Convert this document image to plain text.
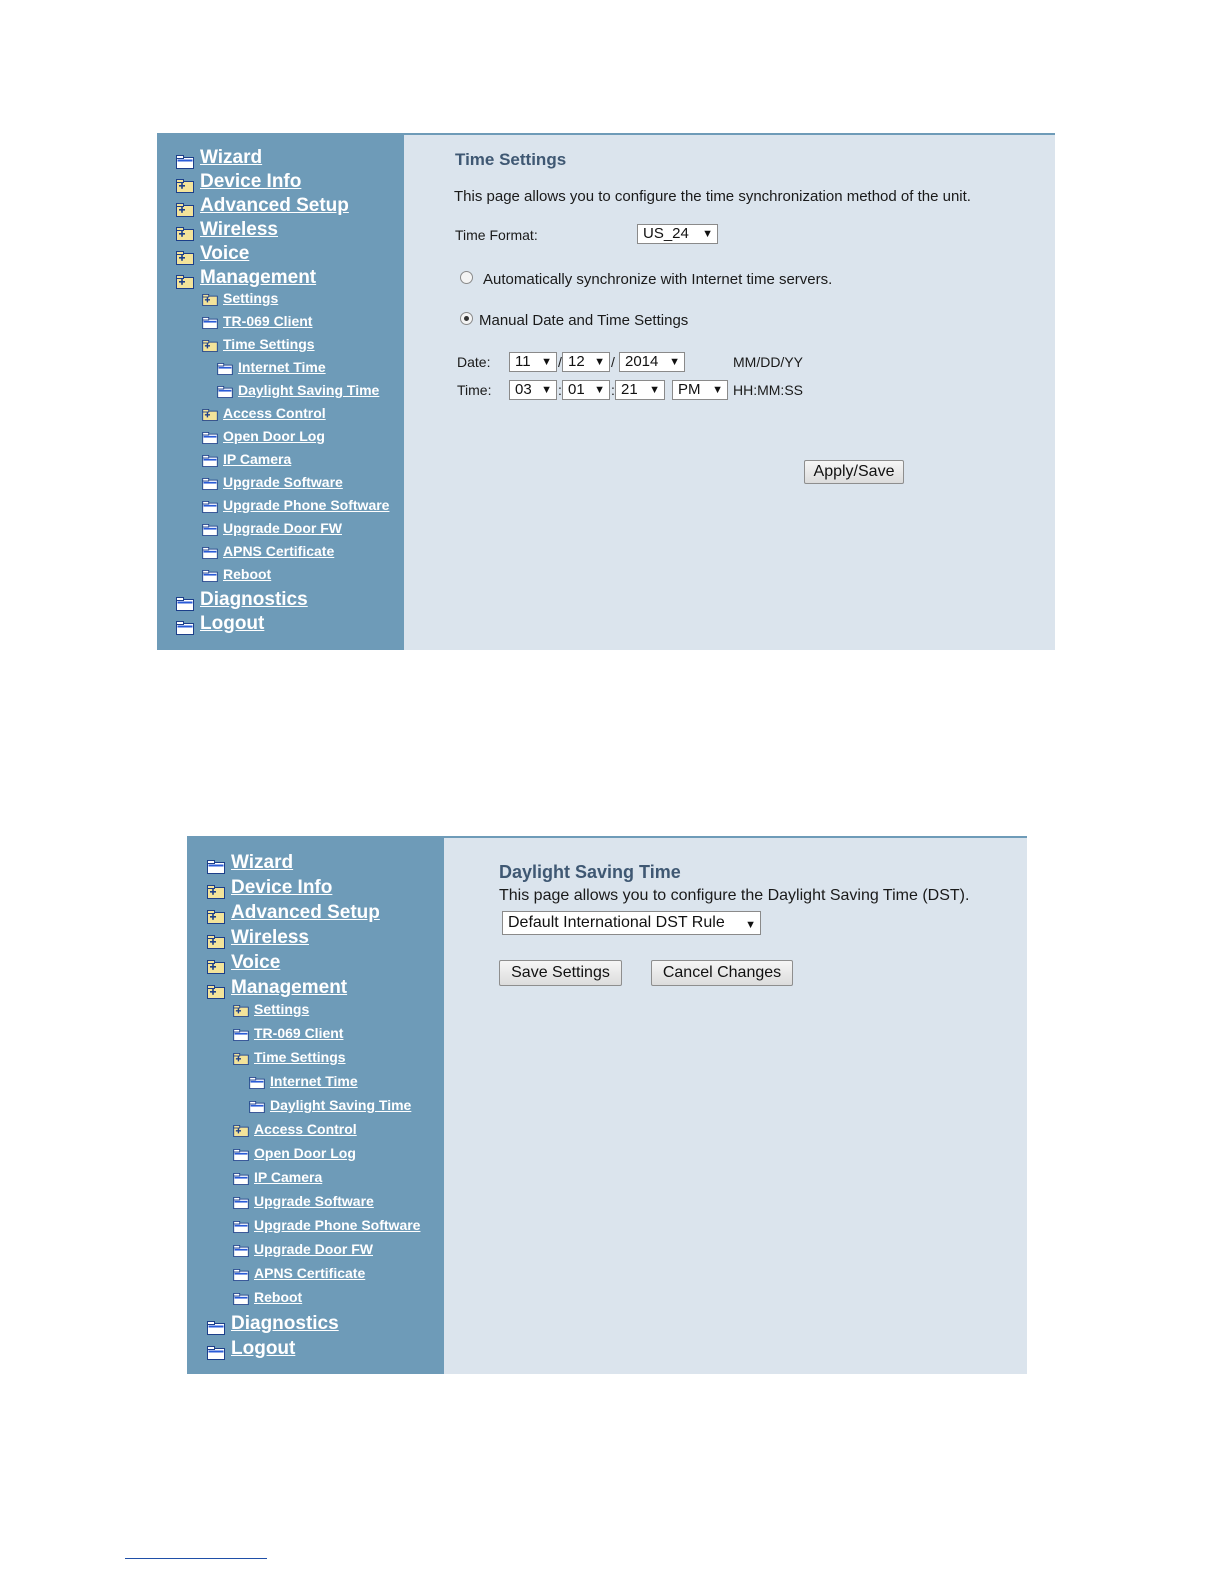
Wizard
Device Info
Advanced Setup
Wireless
Voice
Management
Settings
TR-069 Client
Time Settings
Internet Time
Daylight Saving Time
Access Control
Open Door Log
IP Camera
Upgrade Software
Upgrade Phone Software
Upgrade Door FW
APNS Certificate
Reboot
Diagnostics
Logout
Time Settings
This page allows you to configure the time synchronization method of the unit.
Time Format:	US_24 ▼
Automatically synchronize with Internet time servers.
Manual Date and Time Settings
Date:	11 ▼ / 12 ▼ / 2014 ▼	MM/DD/YY
Time:	03 ▼ : 01 ▼ : 21 ▼	PM ▼ HH:MM:SS
Apply/Save
Wizard
Device Info
Advanced Setup
Wireless
Voice
Management
Settings
TR-069 Client
Time Settings
Internet Time
Daylight Saving Time
Access Control
Open Door Log
IP Camera
Upgrade Software
Upgrade Phone Software
Upgrade Door FW
APNS Certificate
Reboot
Diagnostics
Logout
Daylight Saving Time
This page allows you to configure the Daylight Saving Time (DST).
Default International DST Rule ▼
Save Settings	Cancel Changes
